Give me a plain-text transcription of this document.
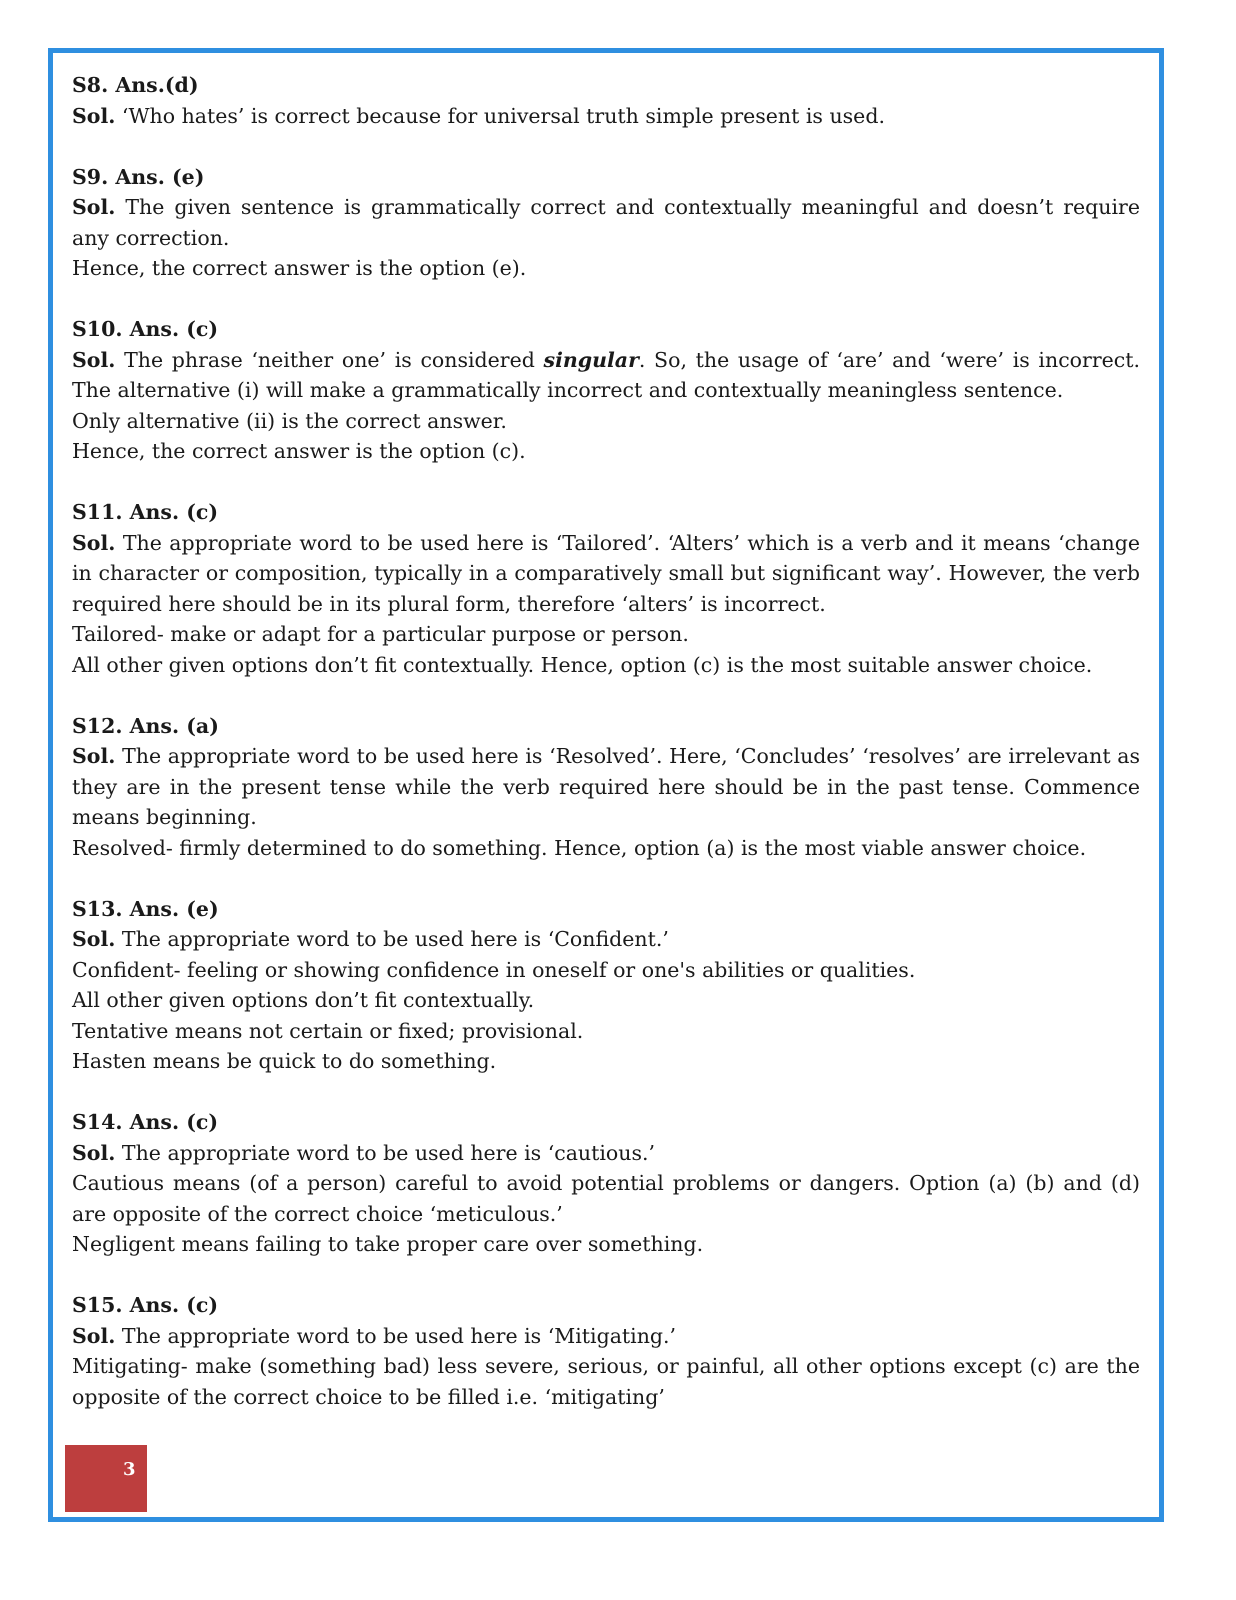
S8. Ans.(d)

Sol. ‘Who hates’ is correct because for universal truth simple present is used.

S9. Ans. (e)

Sol. The given sentence is grammatically correct and contextually meaningful and doesn’t require any correction.

Hence, the correct answer is the option (e).

S10. Ans. (c)

Sol. The phrase ‘neither one’ is considered singular. So, the usage of ‘are’ and ‘were’ is incorrect. The alternative (i) will make a grammatically incorrect and contextually meaningless sentence.

Only alternative (ii) is the correct answer.

Hence, the correct answer is the option (c).

S11. Ans. (c)

Sol. The appropriate word to be used here is ‘Tailored’. ‘Alters’ which is a verb and it means ‘change in character or composition, typically in a comparatively small but significant way’. However, the verb required here should be in its plural form, therefore ‘alters’ is incorrect.

Tailored- make or adapt for a particular purpose or person.

All other given options don’t fit contextually. Hence, option (c) is the most suitable answer choice.

S12. Ans. (a)

Sol. The appropriate word to be used here is ‘Resolved’. Here, ‘Concludes’ ‘resolves’ are irrelevant as they are in the present tense while the verb required here should be in the past tense. Commence means beginning.

Resolved- firmly determined to do something. Hence, option (a) is the most viable answer choice.

S13. Ans. (e)

Sol. The appropriate word to be used here is ‘Confident.’

Confident- feeling or showing confidence in oneself or one's abilities or qualities.

All other given options don’t fit contextually.

Tentative means not certain or fixed; provisional.

Hasten means be quick to do something.

S14. Ans. (c)

Sol. The appropriate word to be used here is ‘cautious.’

Cautious means (of a person) careful to avoid potential problems or dangers. Option (a) (b) and (d) are opposite of the correct choice ‘meticulous.’

Negligent means failing to take proper care over something.

S15. Ans. (c)

Sol. The appropriate word to be used here is ‘Mitigating.’

Mitigating- make (something bad) less severe, serious, or painful, all other options except (c) are the opposite of the correct choice to be filled i.e. ‘mitigating’

3
